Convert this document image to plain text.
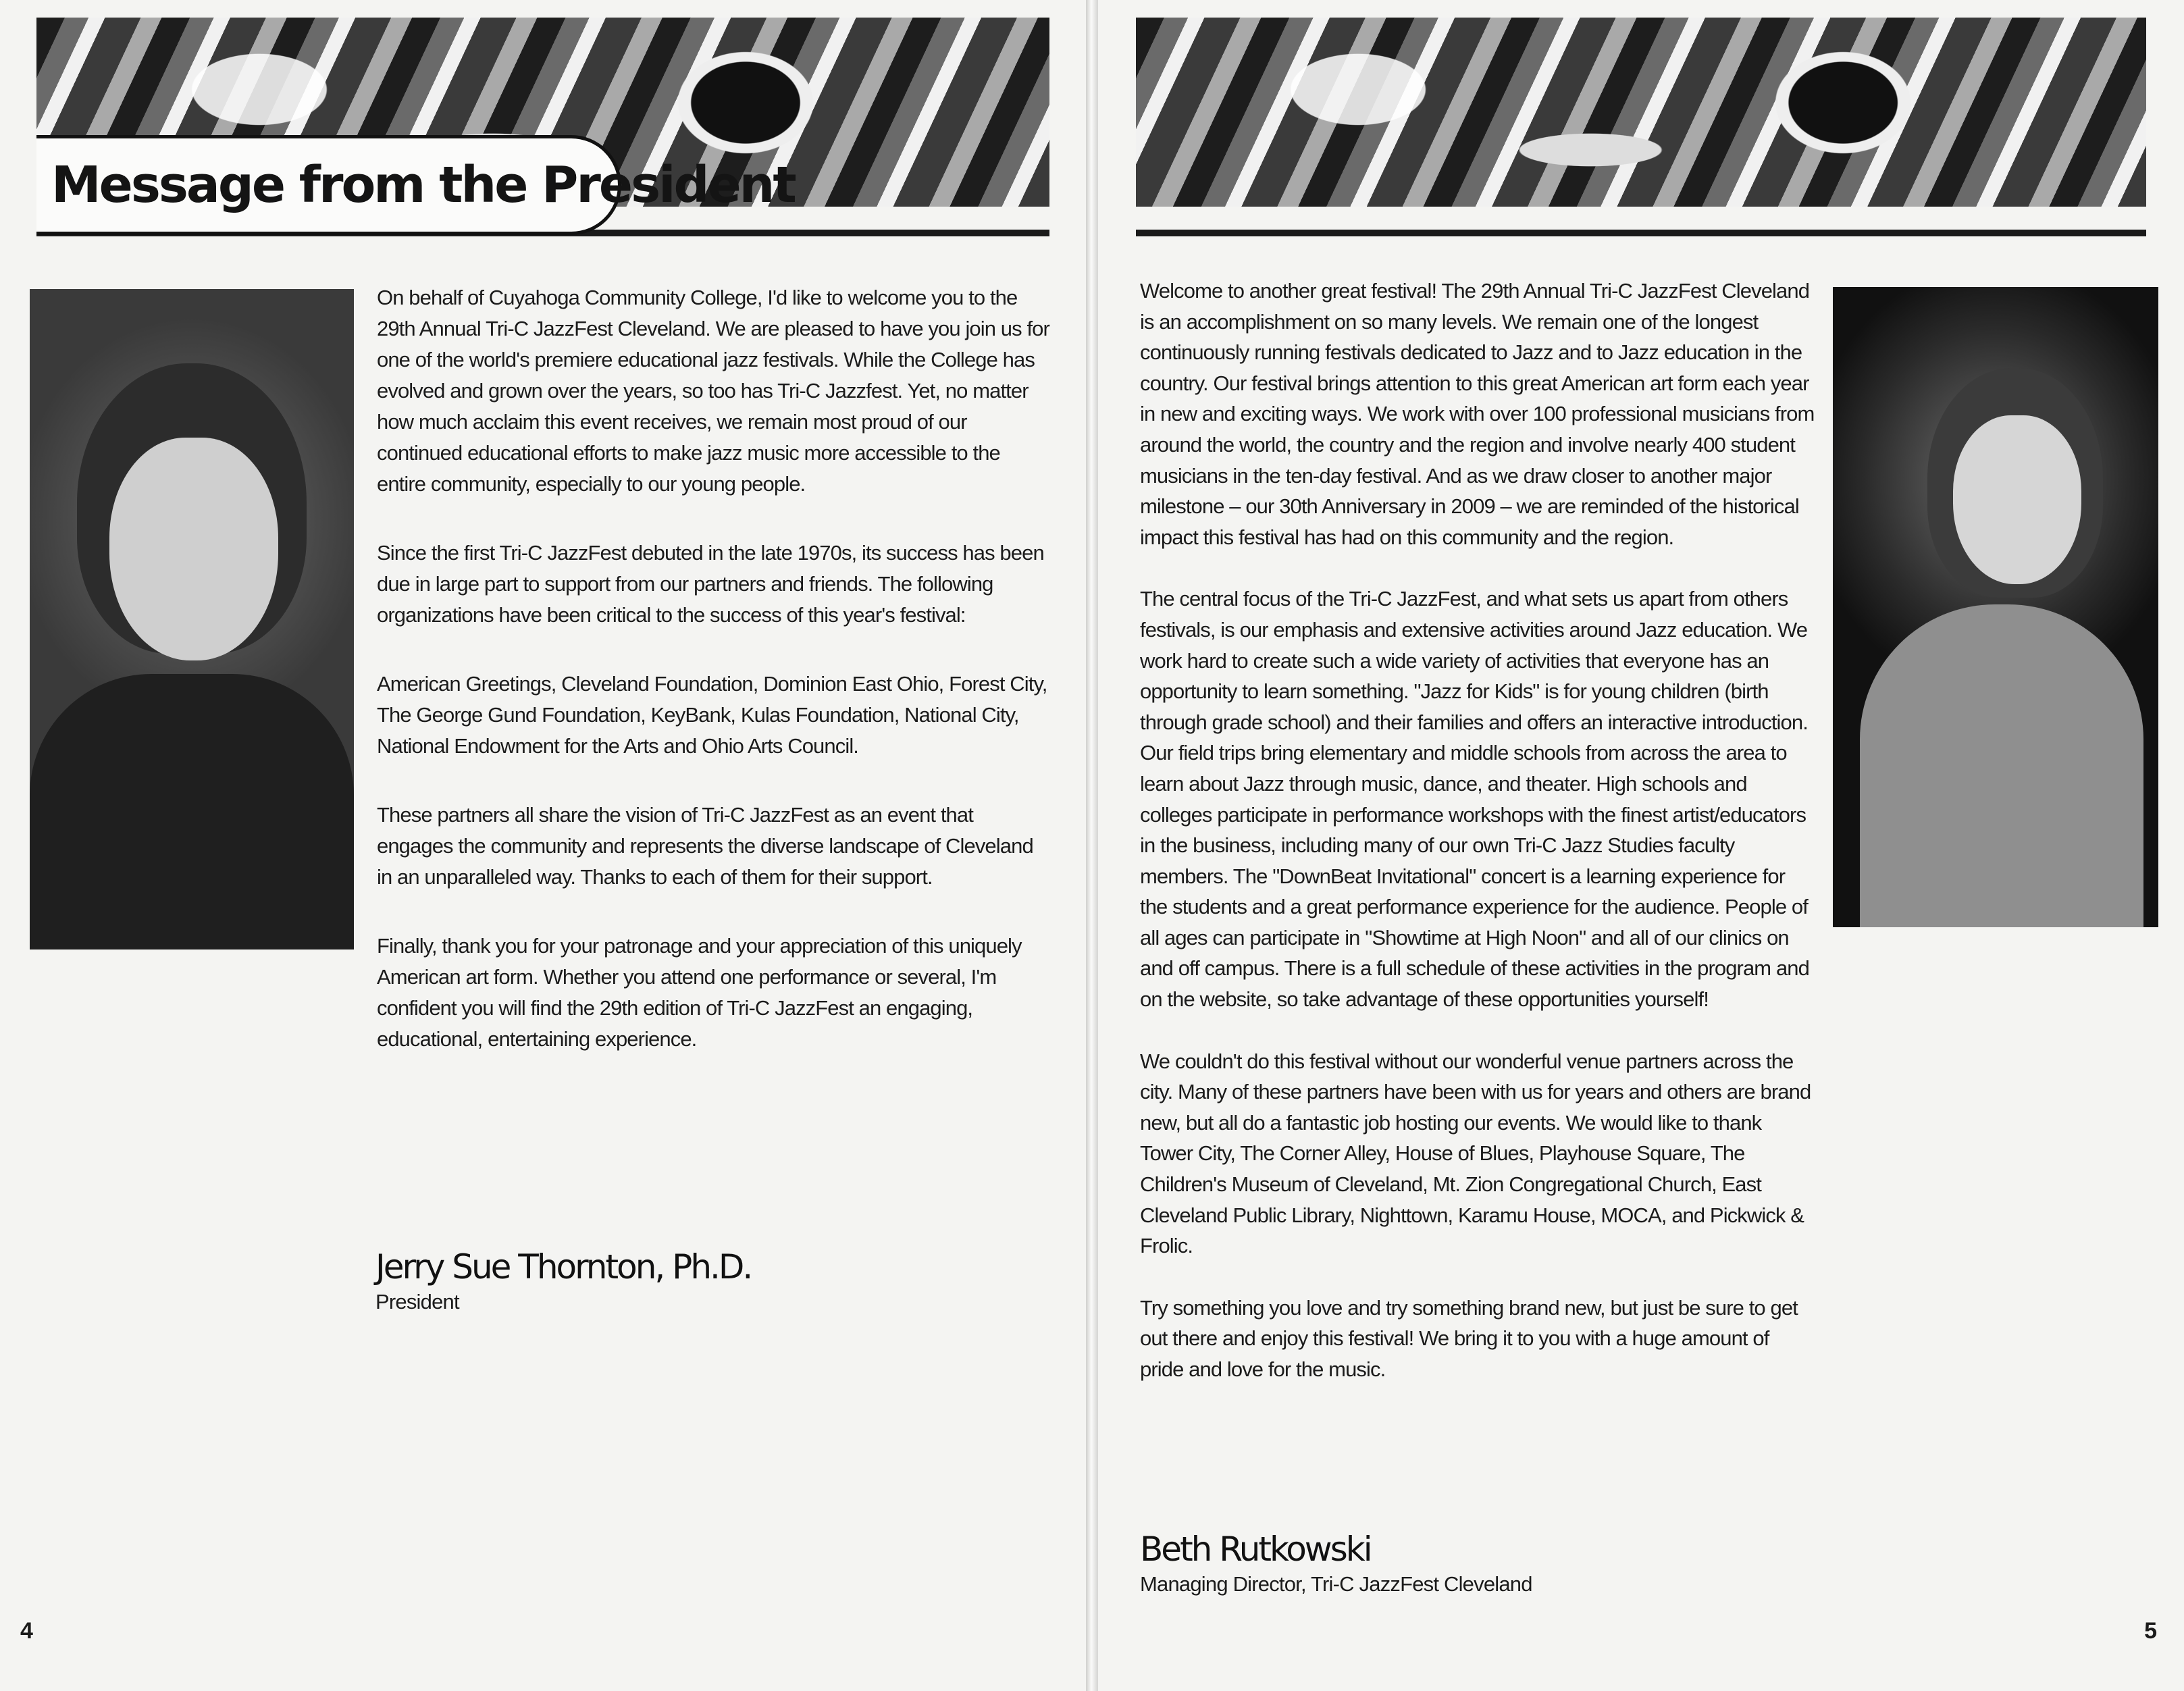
Message from the President

On behalf of Cuyahoga Community College, I'd like to welcome you to the 29th Annual Tri-C JazzFest Cleveland. We are pleased to have you join us for one of the world's premiere educational jazz festivals. While the College has evolved and grown over the years, so too has Tri-C Jazzfest. Yet, no matter how much acclaim this event receives, we remain most proud of our continued educational efforts to make jazz music more accessible to the entire community, especially to our young people.

Since the first Tri-C JazzFest debuted in the late 1970s, its success has been due in large part to support from our partners and friends. The following organizations have been critical to the success of this year's festival:

American Greetings, Cleveland Foundation, Dominion East Ohio, Forest City, The George Gund Foundation, KeyBank, Kulas Foundation, National City, National Endowment for the Arts and Ohio Arts Council.

These partners all share the vision of Tri-C JazzFest as an event that engages the community and represents the diverse landscape of Cleveland in an unparalleled way. Thanks to each of them for their support.

Finally, thank you for your patronage and your appreciation of this uniquely American art form. Whether you attend one performance or several, I'm confident you will find the 29th edition of Tri-C JazzFest an engaging, educational, entertaining experience.

Jerry Sue Thornton, Ph.D.

President

4

Welcome to another great festival! The 29th Annual Tri-C JazzFest Cleveland is an accomplishment on so many levels. We remain one of the longest continuously running festivals dedicated to Jazz and to Jazz education in the country. Our festival brings attention to this great American art form each year in new and exciting ways. We work with over 100 professional musicians from around the world, the country and the region and involve nearly 400 student musicians in the ten-day festival. And as we draw closer to another major milestone – our 30th Anniversary in 2009 – we are reminded of the historical impact this festival has had on this community and the region.

The central focus of the Tri-C JazzFest, and what sets us apart from others festivals, is our emphasis and extensive activities around Jazz education. We work hard to create such a wide variety of activities that everyone has an opportunity to learn something. "Jazz for Kids" is for young children (birth through grade school) and their families and offers an interactive introduction. Our field trips bring elementary and middle schools from across the area to learn about Jazz through music, dance, and theater. High schools and colleges participate in performance workshops with the finest artist/educators in the business, including many of our own Tri-C Jazz Studies faculty members. The "DownBeat Invitational" concert is a learning experience for the students and a great performance experience for the audience. People of all ages can participate in "Showtime at High Noon" and all of our clinics on and off campus. There is a full schedule of these activities in the program and on the website, so take advantage of these opportunities yourself!

We couldn't do this festival without our wonderful venue partners across the city. Many of these partners have been with us for years and others are brand new, but all do a fantastic job hosting our events. We would like to thank Tower City, The Corner Alley, House of Blues, Playhouse Square, The Children's Museum of Cleveland, Mt. Zion Congregational Church, East Cleveland Public Library, Nighttown, Karamu House, MOCA, and Pickwick & Frolic.

Try something you love and try something brand new, but just be sure to get out there and enjoy this festival! We bring it to you with a huge amount of pride and love for the music.

Beth Rutkowski

Managing Director, Tri-C JazzFest Cleveland

5
